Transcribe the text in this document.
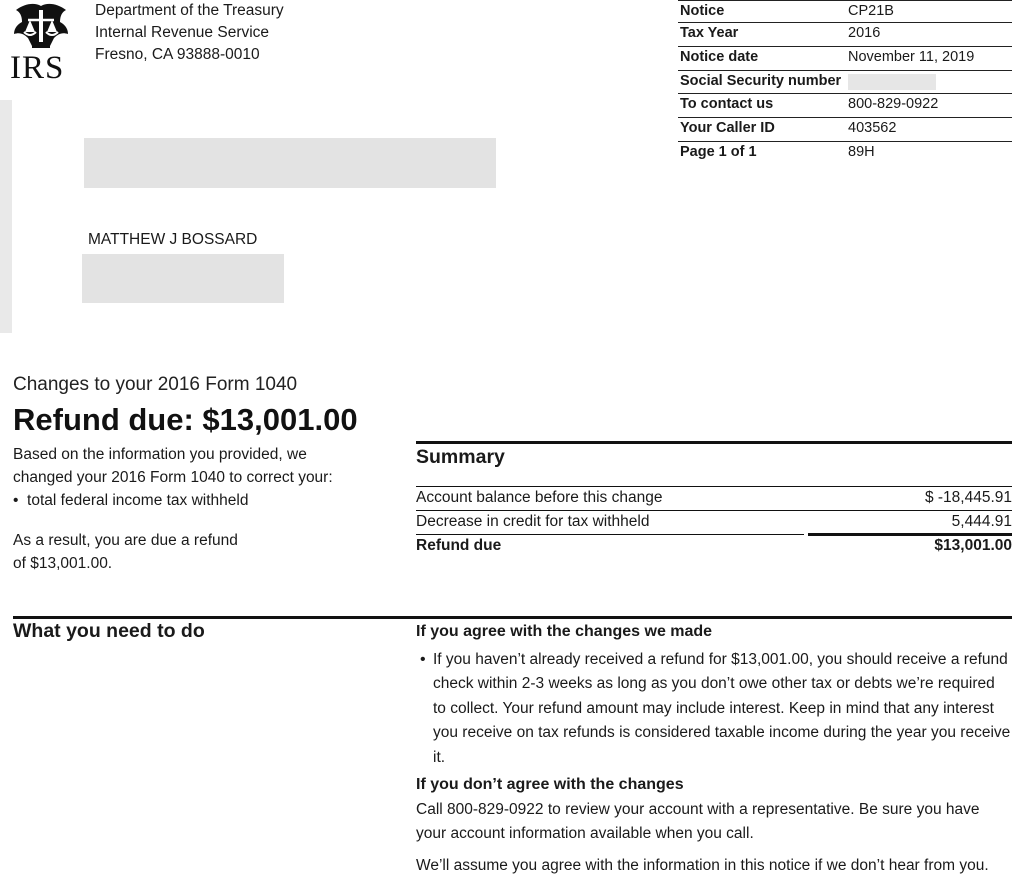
IRS
Department of the Treasury
Internal Revenue Service
Fresno, CA 93888-0010
Notice	CP21B
Tax Year	2016
Notice date	November 11, 2019
Social Security number
To contact us	800-829-0922
Your Caller ID	403562
Page 1 of 1	89H
MATTHEW J BOSSARD
Changes to your 2016 Form 1040
Refund due: $13,001.00
Based on the information you provided, we
changed your 2016 Form 1040 to correct your:
•  total federal income tax withheld
As a result, you are due a refund
of $13,001.00.
Summary
Account balance before this change	$ -18,445.91
Decrease in credit for tax withheld	5,444.91
Refund due	$13,001.00
What you need to do	If you agree with the changes we made
• If you haven’t already received a refund for $13,001.00, you should receive a refund check within 2-3 weeks as long as you don’t owe other tax or debts we’re required to collect. Your refund amount may include interest. Keep in mind that any interest you receive on tax refunds is considered taxable income during the year you receive it.
If you don’t agree with the changes
Call 800-829-0922 to review your account with a representative. Be sure you have your account information available when you call.
We’ll assume you agree with the information in this notice if we don’t hear from you.
